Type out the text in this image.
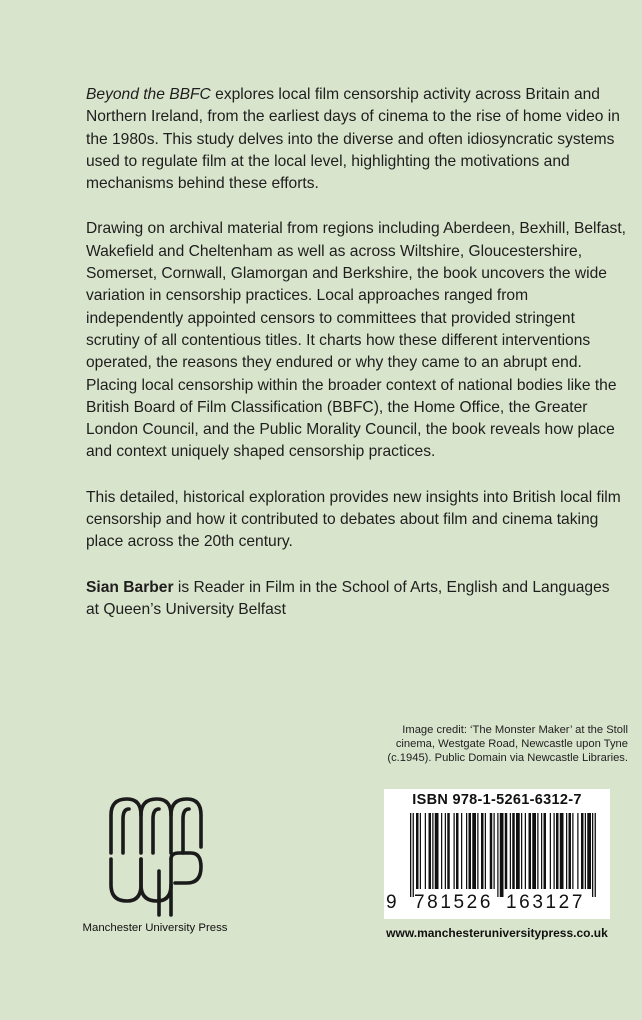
Beyond the BBFC explores local film censorship activity across Britain and Northern Ireland, from the earliest days of cinema to the rise of home video in the 1980s. This study delves into the diverse and often idiosyncratic systems used to regulate film at the local level, highlighting the motivations and mechanisms behind these efforts.

Drawing on archival material from regions including Aberdeen, Bexhill, Belfast, Wakefield and Cheltenham as well as across Wiltshire, Gloucestershire, Somerset, Cornwall, Glamorgan and Berkshire, the book uncovers the wide variation in censorship practices. Local approaches ranged from independently appointed censors to committees that provided stringent scrutiny of all contentious titles. It charts how these different interventions operated, the reasons they endured or why they came to an abrupt end. Placing local censorship within the broader context of national bodies like the British Board of Film Classification (BBFC), the Home Office, the Greater London Council, and the Public Morality Council, the book reveals how place and context uniquely shaped censorship practices.

This detailed, historical exploration provides new insights into British local film censorship and how it contributed to debates about film and cinema taking place across the 20th century.

Sian Barber is Reader in Film in the School of Arts, English and Languages at Queen’s University Belfast

Image credit: ‘The Monster Maker’ at the Stoll cinema, Westgate Road, Newcastle upon Tyne (c.1945). Public Domain via Newcastle Libraries.
ISBN 978-1-5261-6312-7
9 781526 163127
www.manchesteruniversitypress.co.uk
Manchester University Press
